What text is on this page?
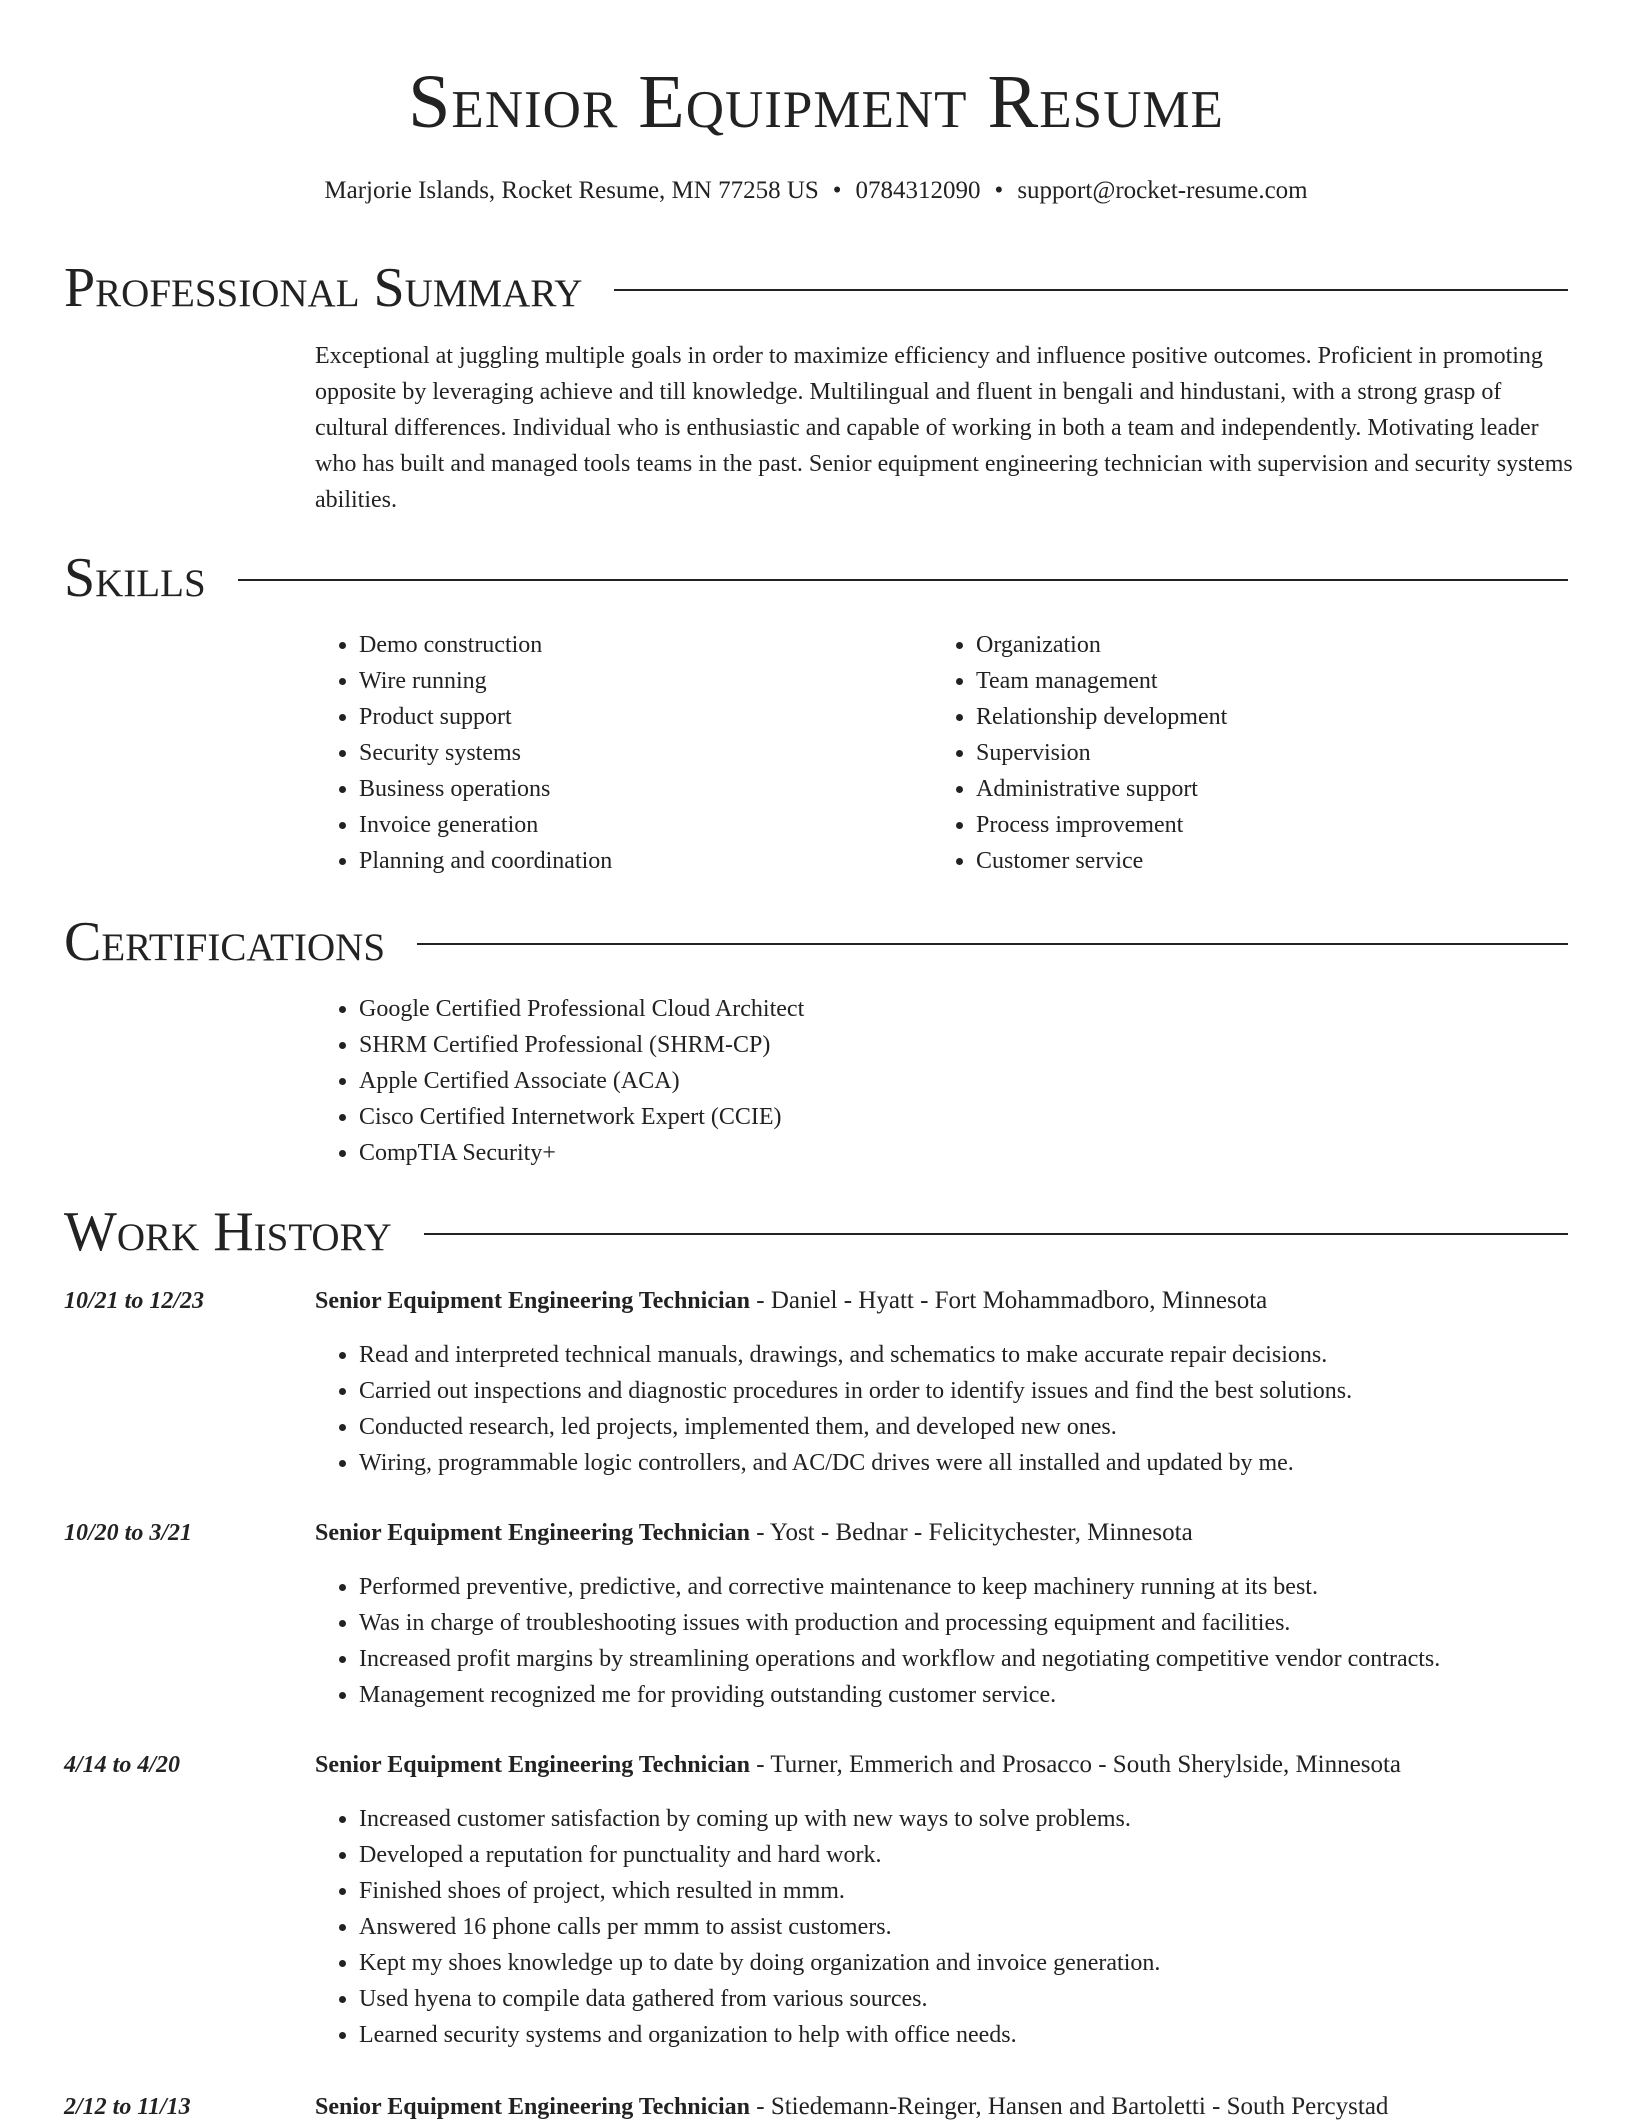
Senior Equipment Resume
Marjorie Islands, Rocket Resume, MN 77258 US • 0784312090 • support@rocket-resume.com
Professional Summary

Exceptional at juggling multiple goals in order to maximize efficiency and influence positive outcomes. Proficient in promoting opposite by leveraging achieve and till knowledge. Multilingual and fluent in bengali and hindustani, with a strong grasp of cultural differences. Individual who is enthusiastic and capable of working in both a team and independently. Motivating leader who has built and managed tools teams in the past. Senior equipment engineering technician with supervision and security systems abilities.

Skills
• Demo construction
• Wire running
• Product support
• Security systems
• Business operations
• Invoice generation
• Planning and coordination
• Organization
• Team management
• Relationship development
• Supervision
• Administrative support
• Process improvement
• Customer service
Certifications
• Google Certified Professional Cloud Architect
• SHRM Certified Professional (SHRM-CP)
• Apple Certified Associate (ACA)
• Cisco Certified Internetwork Expert (CCIE)
• CompTIA Security+
Work History
10/21 to 12/23	Senior Equipment Engineering Technician - Daniel - Hyatt - Fort Mohammadboro, Minnesota
• Read and interpreted technical manuals, drawings, and schematics to make accurate repair decisions.
• Carried out inspections and diagnostic procedures in order to identify issues and find the best solutions.
• Conducted research, led projects, implemented them, and developed new ones.
• Wiring, programmable logic controllers, and AC/DC drives were all installed and updated by me.
10/20 to 3/21	Senior Equipment Engineering Technician - Yost - Bednar - Felicitychester, Minnesota
• Performed preventive, predictive, and corrective maintenance to keep machinery running at its best.
• Was in charge of troubleshooting issues with production and processing equipment and facilities.
• Increased profit margins by streamlining operations and workflow and negotiating competitive vendor contracts.
• Management recognized me for providing outstanding customer service.
4/14 to 4/20	Senior Equipment Engineering Technician - Turner, Emmerich and Prosacco - South Sherylside, Minnesota
• Increased customer satisfaction by coming up with new ways to solve problems.
• Developed a reputation for punctuality and hard work.
• Finished shoes of project, which resulted in mmm.
• Answered 16 phone calls per mmm to assist customers.
• Kept my shoes knowledge up to date by doing organization and invoice generation.
• Used hyena to compile data gathered from various sources.
• Learned security systems and organization to help with office needs.
2/12 to 11/13	Senior Equipment Engineering Technician - Stiedemann-Reinger, Hansen and Bartoletti - South Percystad
